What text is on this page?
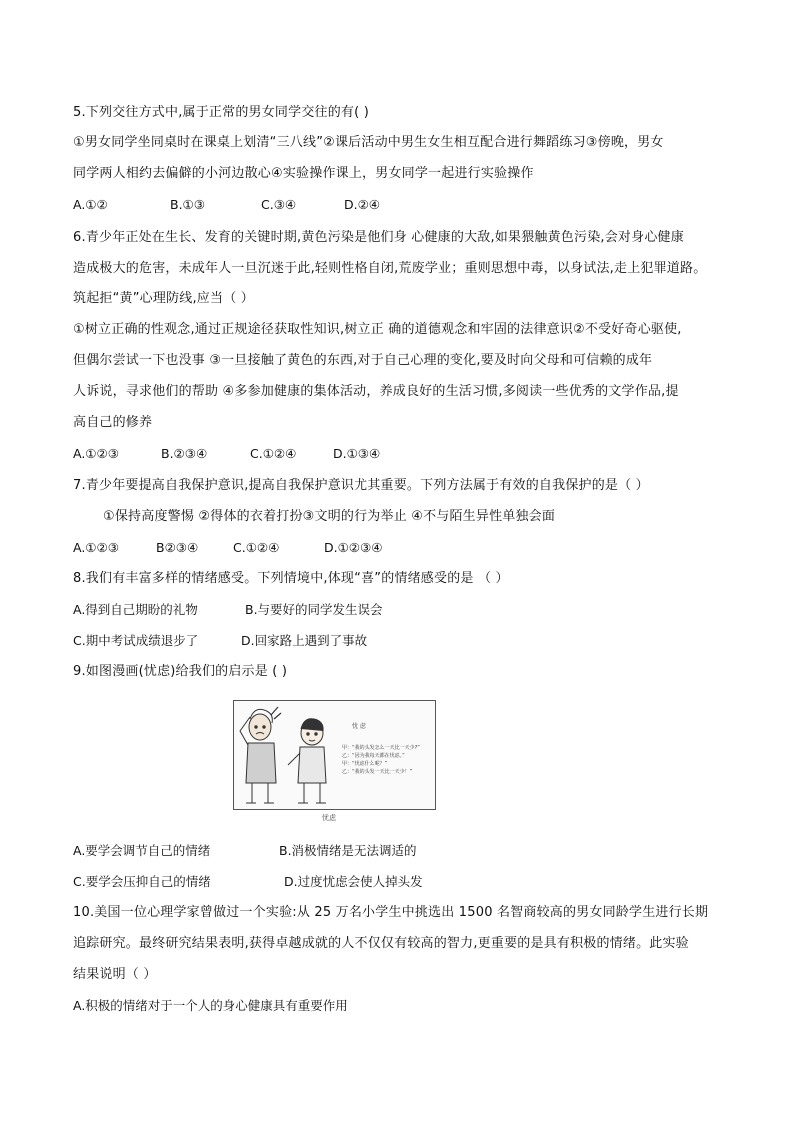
5.下列交往方式中,属于正常的男女同学交往的有( )
①男女同学坐同桌时在课桌上划清“三八线”②课后活动中男生女生相互配合进行舞蹈练习③傍晚，男女
同学两人相约去偏僻的小河边散心④实验操作课上，男女同学一起进行实验操作
A.①②	B.①③	C.③④	D.②④
6.青少年正处在生长、发育的关键时期,黄色污染是他们身 心健康的大敌,如果猥触黄色污染,会对身心健康
造成极大的危害，未成年人一旦沉迷于此,轻则性格自闭,荒废学业；重则思想中毒，以身试法,走上犯罪道路。
筑起拒“黄”心理防线,应当（ ）
①树立正确的性观念,通过正规途径获取性知识,树立正 确的道德观念和牢固的法律意识②不受好奇心驱使,
但偶尔尝试一下也没事 ③一旦接触了黄色的东西,对于自己心理的变化,要及时向父母和可信赖的成年
人诉说，寻求他们的帮助 ④多参加健康的集体活动，养成良好的生活习惯,多阅读一些优秀的文学作品,提
高自己的修养
A.①②③	B.②③④	C.①②④	D.①③④
7.青少年要提高自我保护意识,提高自我保护意识尤其重要。下列方法属于有效的自我保护的是（ ）
①保持高度警惕 ②得体的衣着打扮③文明的行为举止 ④不与陌生异性单独会面
A.①②③	B②③④	C.①②④	D.①②③④
8.我们有丰富多样的情绪感受。下列情境中,体现“喜”的情绪感受的是 （ ）
A.得到自己期盼的礼物	B.与要好的同学发生误会
C.期中考试成绩退步了	D.回家路上遇到了事故
9.如图漫画(忧虑)给我们的启示是 ( )
忧 虑
甲：“我的头发怎么一天比一天少?”
乙：“因为我每天都在忧虑。”
甲：“忧虑什么呢？”
乙：“我的头发一天比一天少！”
忧虑
A.要学会调节自己的情绪	B.消极情绪是无法调适的
C.要学会压抑自己的情绪	D.过度忧虑会使人掉头发
10.美国一位心理学家曾做过一个实验:从 25 万名小学生中挑选出 1500 名智商较高的男女同龄学生进行长期
追踪研究。最终研究结果表明,获得卓越成就的人不仅仅有较高的智力,更重要的是具有积极的情绪。此实验
结果说明（ ）
A.积极的情绪对于一个人的身心健康具有重要作用
